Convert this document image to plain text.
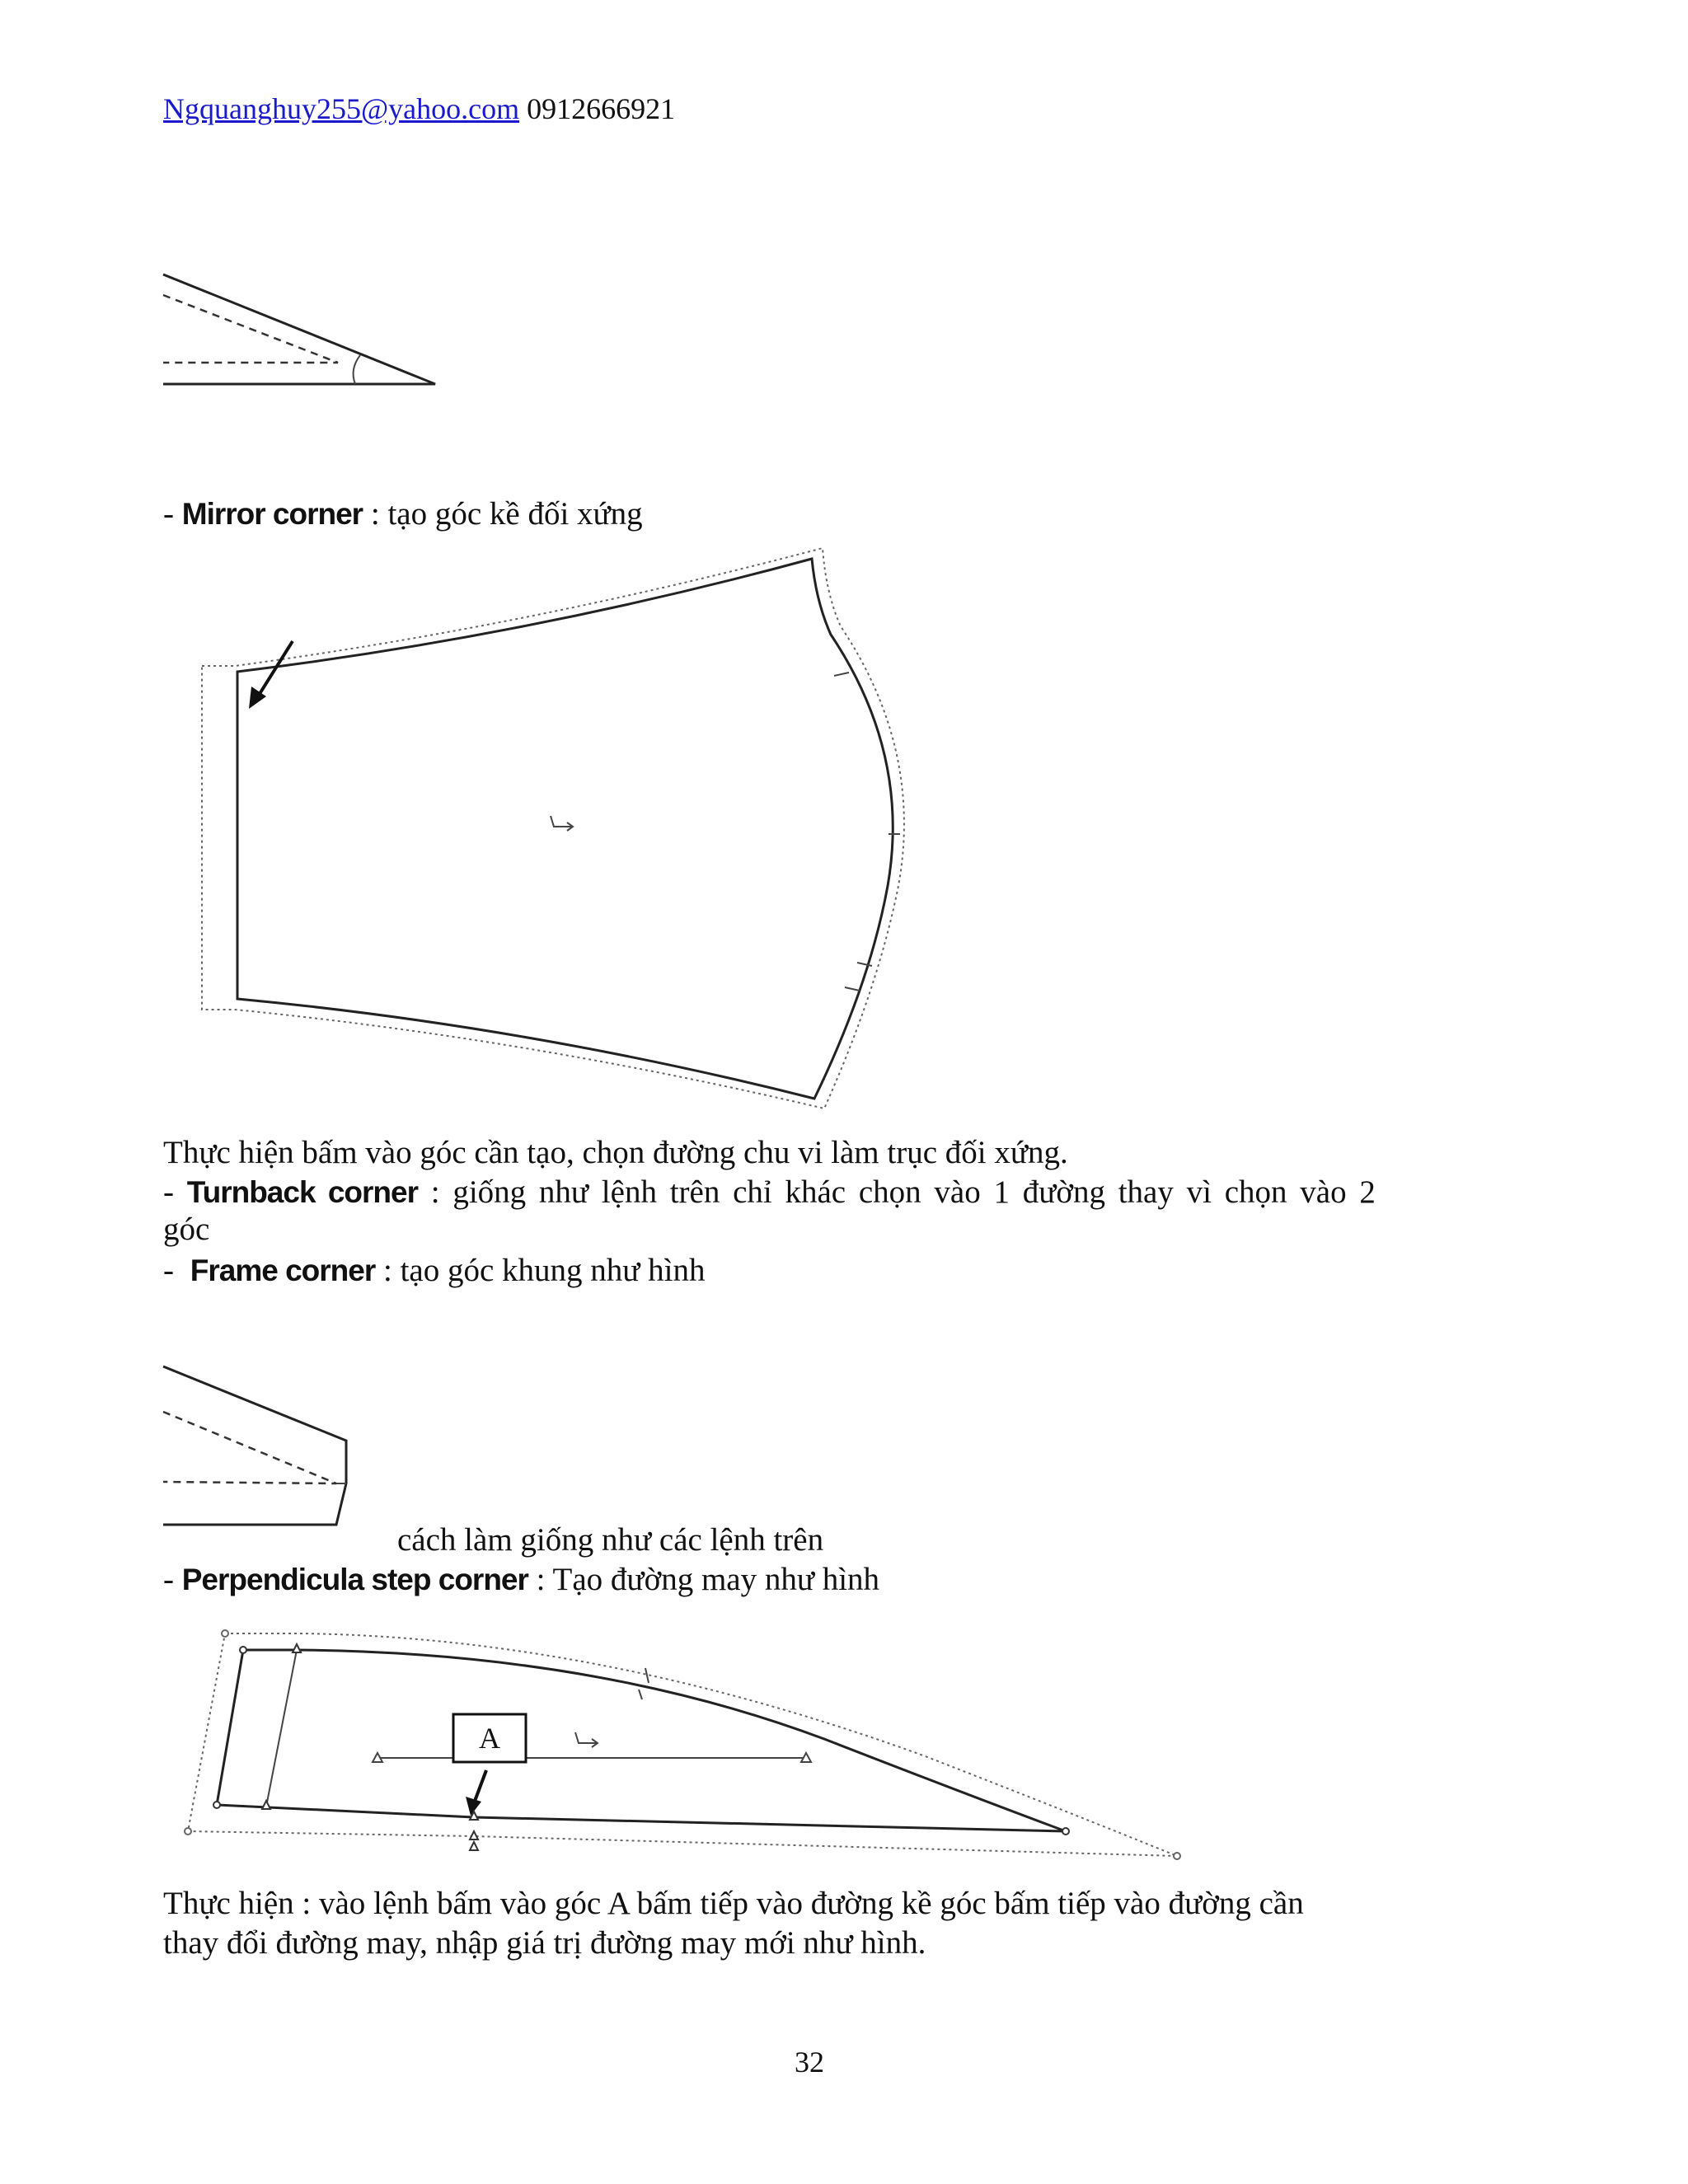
Ngquanghuy255@yahoo.com 0912666921
- Mirror corner : tạo góc kề đối xứng
Thực hiện bấm vào góc cần tạo, chọn đường chu vi làm trục đối xứng.
- Turnback corner : giống như lệnh trên chỉ khác chọn vào 1 đường thay vì chọn vào 2
góc
- Frame corner : tạo góc khung như hình
cách làm giống như các lệnh trên
- Perpendicula step corner : Tạo đường may như hình
A
Thực hiện : vào lệnh bấm vào góc A bấm tiếp vào đường kề góc bấm tiếp vào đường cần
thay đổi đường may, nhập giá trị đường may mới như hình.
32
